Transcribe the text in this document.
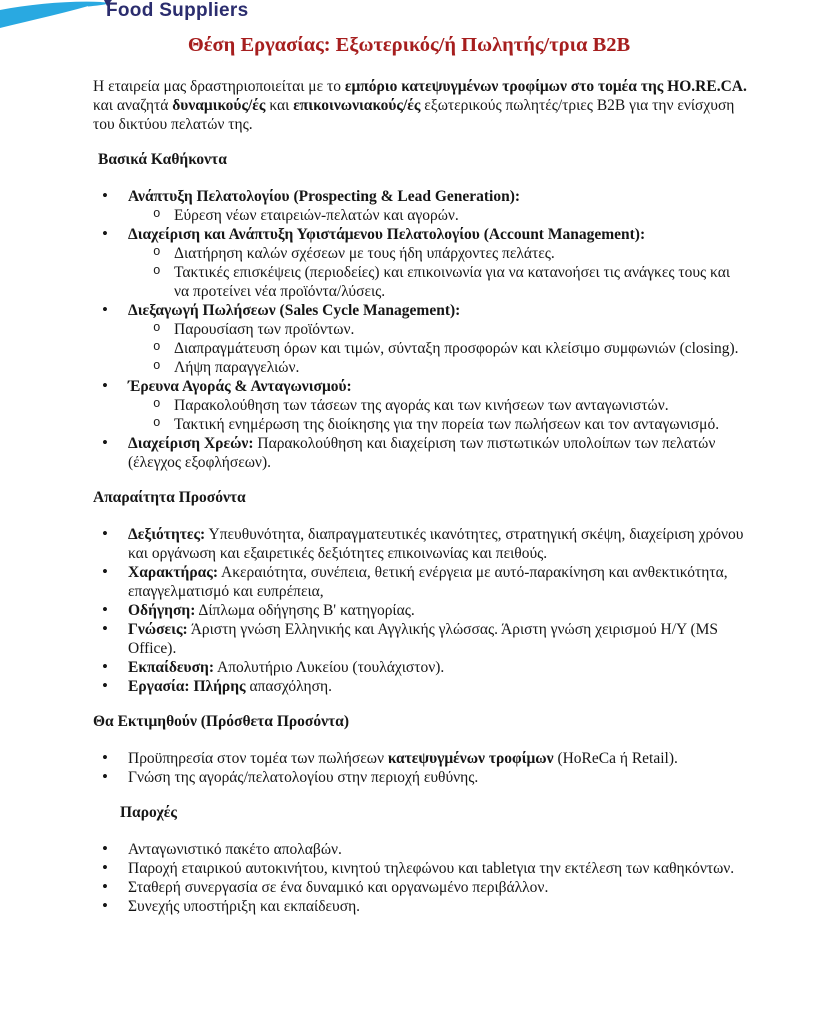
Food Suppliers
Θέση Εργασίας: Εξωτερικός/ή Πωλητής/τρια Β2Β

Η εταιρεία μας δραστηριοποιείται με το εμπόριο κατεψυγμένων τροφίμων στο τομέα της HO.RE.CA. και αναζητά δυναμικούς/ές και επικοινωνιακούς/ές εξωτερικούς πωλητές/τριες Β2Β για την ενίσχυση του δικτύου πελατών της.

Βασικά Καθήκοντα
• Ανάπτυξη Πελατολογίου (Prospecting & Lead Generation):
o Εύρεση νέων εταιρειών-πελατών και αγορών.
• Διαχείριση και Ανάπτυξη Υφιστάμενου Πελατολογίου (Account Management):
o Διατήρηση καλών σχέσεων με τους ήδη υπάρχοντες πελάτες.
o Τακτικές επισκέψεις (περιοδείες) και επικοινωνία για να κατανοήσει τις ανάγκες τους και να προτείνει νέα προϊόντα/λύσεις.
• Διεξαγωγή Πωλήσεων (Sales Cycle Management):
o Παρουσίαση των προϊόντων.
o Διαπραγμάτευση όρων και τιμών, σύνταξη προσφορών και κλείσιμο συμφωνιών (closing).
o Λήψη παραγγελιών.
• Έρευνα Αγοράς & Ανταγωνισμού:
o Παρακολούθηση των τάσεων της αγοράς και των κινήσεων των ανταγωνιστών.
o Τακτική ενημέρωση της διοίκησης για την πορεία των πωλήσεων και τον ανταγωνισμό.
• Διαχείριση Χρεών: Παρακολούθηση και διαχείριση των πιστωτικών υπολοίπων των πελατών (έλεγχος εξοφλήσεων).
Απαραίτητα Προσόντα
• Δεξιότητες: Υπευθυνότητα, διαπραγματευτικές ικανότητες, στρατηγική σκέψη, διαχείριση χρόνου και οργάνωση και εξαιρετικές δεξιότητες επικοινωνίας και πειθούς.
• Χαρακτήρας: Ακεραιότητα, συνέπεια, θετική ενέργεια με αυτό-παρακίνηση και ανθεκτικότητα, επαγγελματισμό και ευπρέπεια,
• Οδήγηση: Δίπλωμα οδήγησης Β' κατηγορίας.
• Γνώσεις: Άριστη γνώση Ελληνικής και Αγγλικής γλώσσας. Άριστη γνώση χειρισμού Η/Υ (MS Office).
• Εκπαίδευση: Απολυτήριο Λυκείου (τουλάχιστον).
• Εργασία: Πλήρης απασχόληση.
Θα Εκτιμηθούν (Πρόσθετα Προσόντα)
• Προϋπηρεσία στον τομέα των πωλήσεων κατεψυγμένων τροφίμων (HoReCa ή Retail).
• Γνώση της αγοράς/πελατολογίου στην περιοχή ευθύνης.
Παροχές
• Ανταγωνιστικό πακέτο απολαβών.
• Παροχή εταιρικού αυτοκινήτου, κινητού τηλεφώνου και tabletγια την εκτέλεση των καθηκόντων.
• Σταθερή συνεργασία σε ένα δυναμικό και οργανωμένο περιβάλλον.
• Συνεχής υποστήριξη και εκπαίδευση.
